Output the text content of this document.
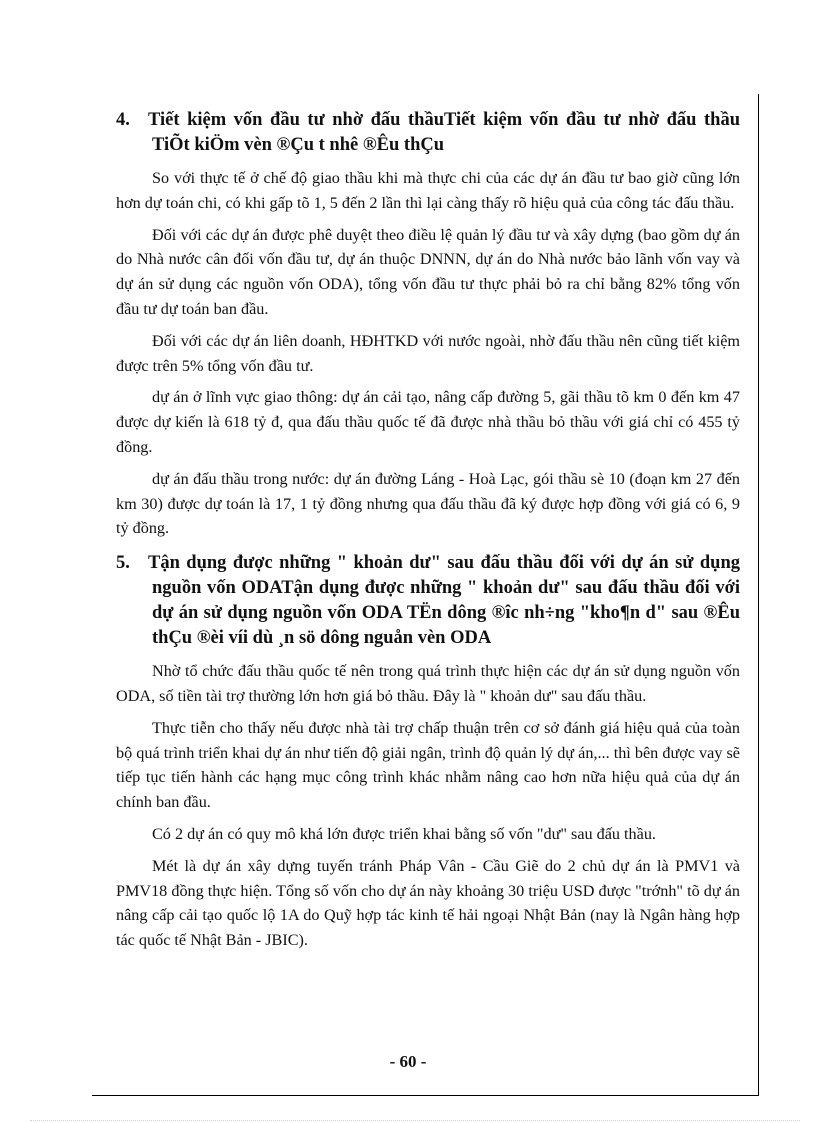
4. Tiết kiệm vốn đầu tư nhờ đấu thầuTiết kiệm vốn đầu tư nhờ đấu thầu TiÕt kiÖm vèn ®Çu t nhê ®Êu thÇu

So với thực tế ở chế độ giao thầu khi mà thực chi của các dự án đầu tư bao giờ cũng lớn hơn dự toán chi, có khi gấp tõ 1, 5 đến 2 lần thì lại càng thấy rõ hiệu quả của công tác đấu thầu.

Đối với các dự án được phê duyệt theo điều lệ quản lý đầu tư và xây dựng (bao gồm dự án do Nhà nước cân đối vốn đầu tư, dự án thuộc DNNN, dự án do Nhà nước bảo lãnh vốn vay và dự án sử dụng các nguồn vốn ODA), tổng vốn đầu tư thực phải bỏ ra chỉ bằng 82% tổng vốn đầu tư dự toán ban đầu.

Đối với các dự án liên doanh, HĐHTKD với nước ngoài, nhờ đấu thầu nên cũng tiết kiệm được trên 5% tổng vốn đầu tư.

dự án ở lĩnh vực giao thông: dự án cải tạo, nâng cấp đường 5, gãi thầu tõ km 0 đến km 47 được dự kiến là 618 tỷ đ, qua đấu thầu quốc tế đã được nhà thầu bỏ thầu với giá chỉ có 455 tỷ đồng.

dự án đấu thầu trong nước: dự án đường Láng - Hoà Lạc, gói thầu sè 10 (đoạn km 27 đến km 30) được dự toán là 17, 1 tỷ đồng nhưng qua đấu thầu đã ký được hợp đồng với giá có 6, 9 tỷ đồng.

5. Tận dụng được những " khoản dư" sau đấu thầu đối với dự án sử dụng nguồn vốn ODATận dụng được những " khoản dư" sau đấu thầu đối với dự án sử dụng nguồn vốn ODA TËn dông ®îc nh÷ng "kho¶n d" sau ®Êu thÇu ®èi víi dù ¸n sö dông nguån vèn ODA

Nhờ tổ chức đấu thầu quốc tế nên trong quá trình thực hiện các dự án sử dụng nguồn vốn ODA, số tiền tài trợ thường lớn hơn giá bỏ thầu. Đây là " khoản dư" sau đấu thầu.

Thực tiễn cho thấy nếu được nhà tài trợ chấp thuận trên cơ sở đánh giá hiệu quả của toàn bộ quá trình triển khai dự án như tiến độ giải ngân, trình độ quản lý dự án,... thì bên được vay sẽ tiếp tục tiến hành các hạng mục công trình khác nhằm nâng cao hơn nữa hiệu quả của dự án chính ban đầu.

Có 2 dự án có quy mô khá lớn được triển khai bằng số vốn "dư" sau đấu thầu.

Mét là dự án xây dựng tuyến tránh Pháp Vân - Cầu Giẽ do 2 chủ dự án là PMV1 và PMV18 đồng thực hiện. Tổng số vốn cho dự án này khoảng 30 triệu USD được "trớnh" tõ dự án nâng cấp cải tạo quốc lộ 1A do Quỹ hợp tác kinh tế hải ngoại Nhật Bản (nay là Ngân hàng hợp tác quốc tế Nhật Bản - JBIC).

- 60 -
